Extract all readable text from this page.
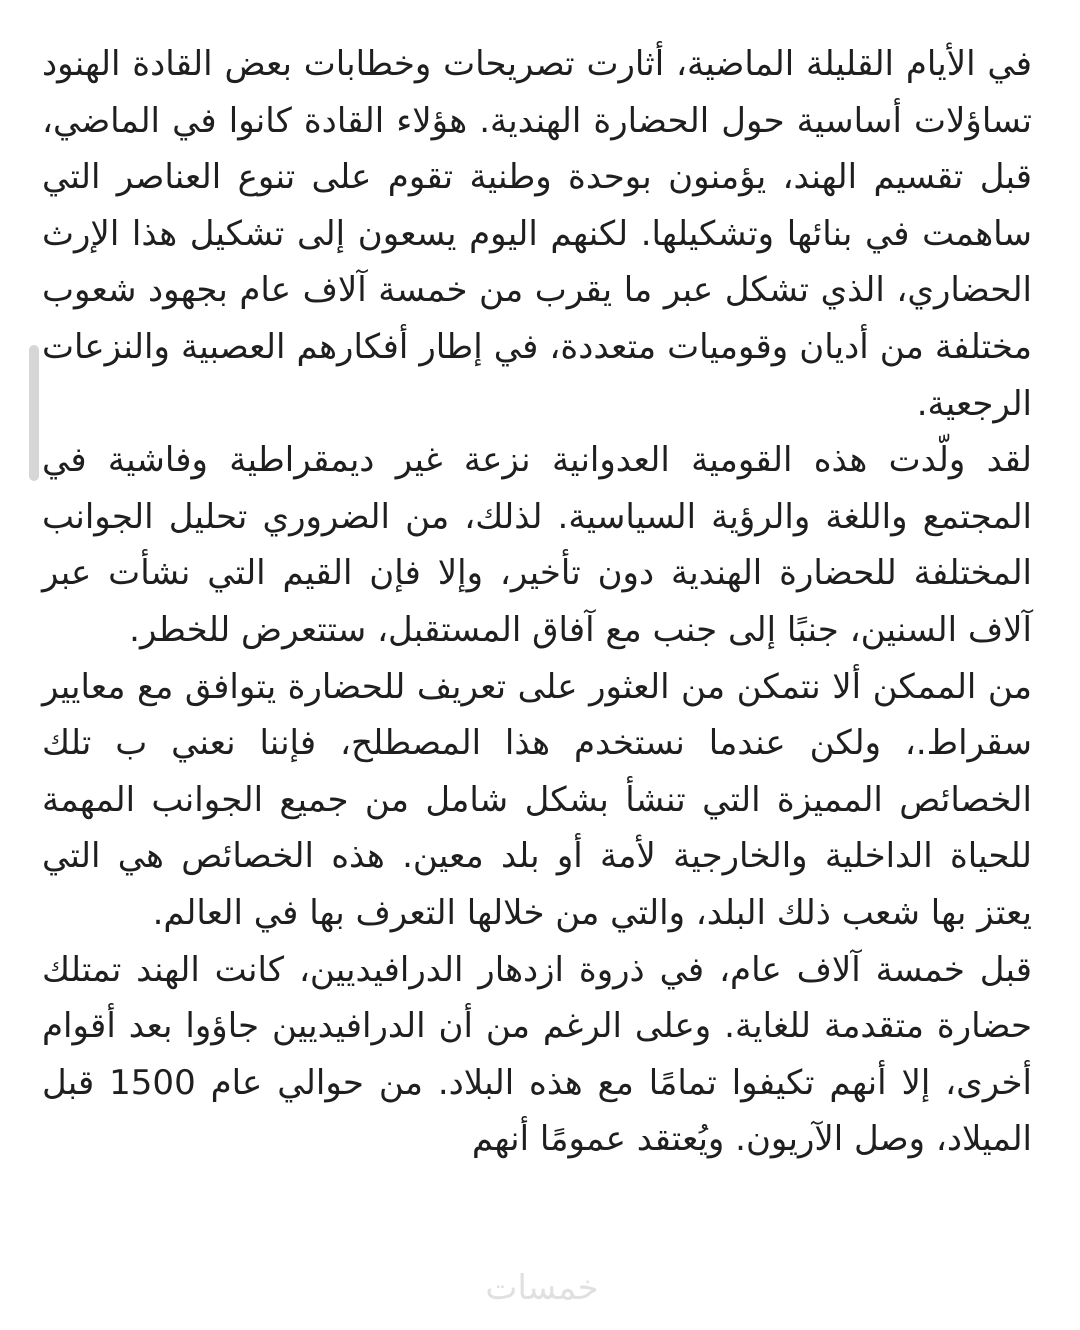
في الأيام القليلة الماضية، أثارت تصريحات وخطابات بعض القادة الهنود تساؤلات أساسية حول الحضارة الهندية. هؤلاء القادة كانوا في الماضي، قبل تقسيم الهند، يؤمنون بوحدة وطنية تقوم على تنوع العناصر التي ساهمت في بنائها وتشكيلها. لكنهم اليوم يسعون إلى تشكيل هذا الإرث الحضاري، الذي تشكل عبر ما يقرب من خمسة آلاف عام بجهود شعوب مختلفة من أديان وقوميات متعددة، في إطار أفكارهم العصبية والنزعات الرجعية.

لقد ولّدت هذه القومية العدوانية نزعة غير ديمقراطية وفاشية في المجتمع واللغة والرؤية السياسية. لذلك، من الضروري تحليل الجوانب المختلفة للحضارة الهندية دون تأخير، وإلا فإن القيم التي نشأت عبر آلاف السنين، جنبًا إلى جنب مع آفاق المستقبل، ستتعرض للخطر.

من الممكن ألا نتمكن من العثور على تعريف للحضارة يتوافق مع معايير سقراط.، ولكن عندما نستخدم هذا المصطلح، فإننا نعني ب تلك الخصائص المميزة التي تنشأ بشكل شامل من جميع الجوانب المهمة للحياة الداخلية والخارجية لأمة أو بلد معين. هذه الخصائص هي التي يعتز بها شعب ذلك البلد، والتي من خلالها التعرف بها في العالم.

قبل خمسة آلاف عام، في ذروة ازدهار الدرافيديين، كانت الهند تمتلك حضارة متقدمة للغاية. وعلى الرغم من أن الدرافيديين جاؤوا بعد أقوام أخرى، إلا أنهم تكيفوا تمامًا مع هذه البلاد. من حوالي عام 1500 قبل الميلاد، وصل الآريون. ويُعتقد عمومًا أنهم

خمسات
